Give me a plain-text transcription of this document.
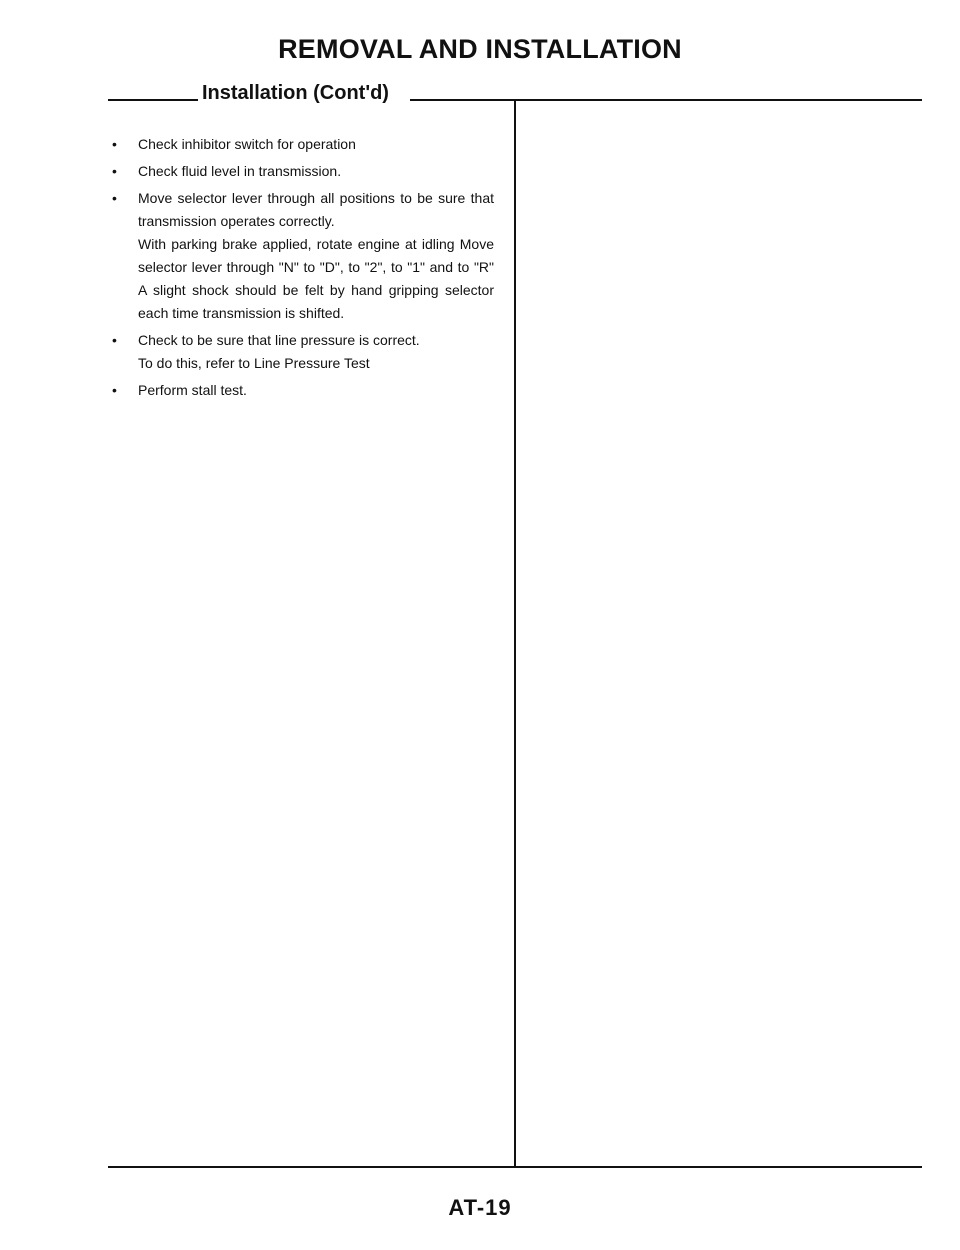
REMOVAL AND INSTALLATION
Installation (Cont'd)
• Check inhibitor switch for operation

• Check fluid level in transmission.

• Move selector lever through all positions to be sure that transmission operates correctly.

With parking brake applied, rotate engine at idling Move selector lever through "N" to "D", to "2", to "1" and to "R" A slight shock should be felt by hand gripping selector each time transmission is shifted.

• Check to be sure that line pressure is correct.

To do this, refer to Line Pressure Test

• Perform stall test.

AT-19
